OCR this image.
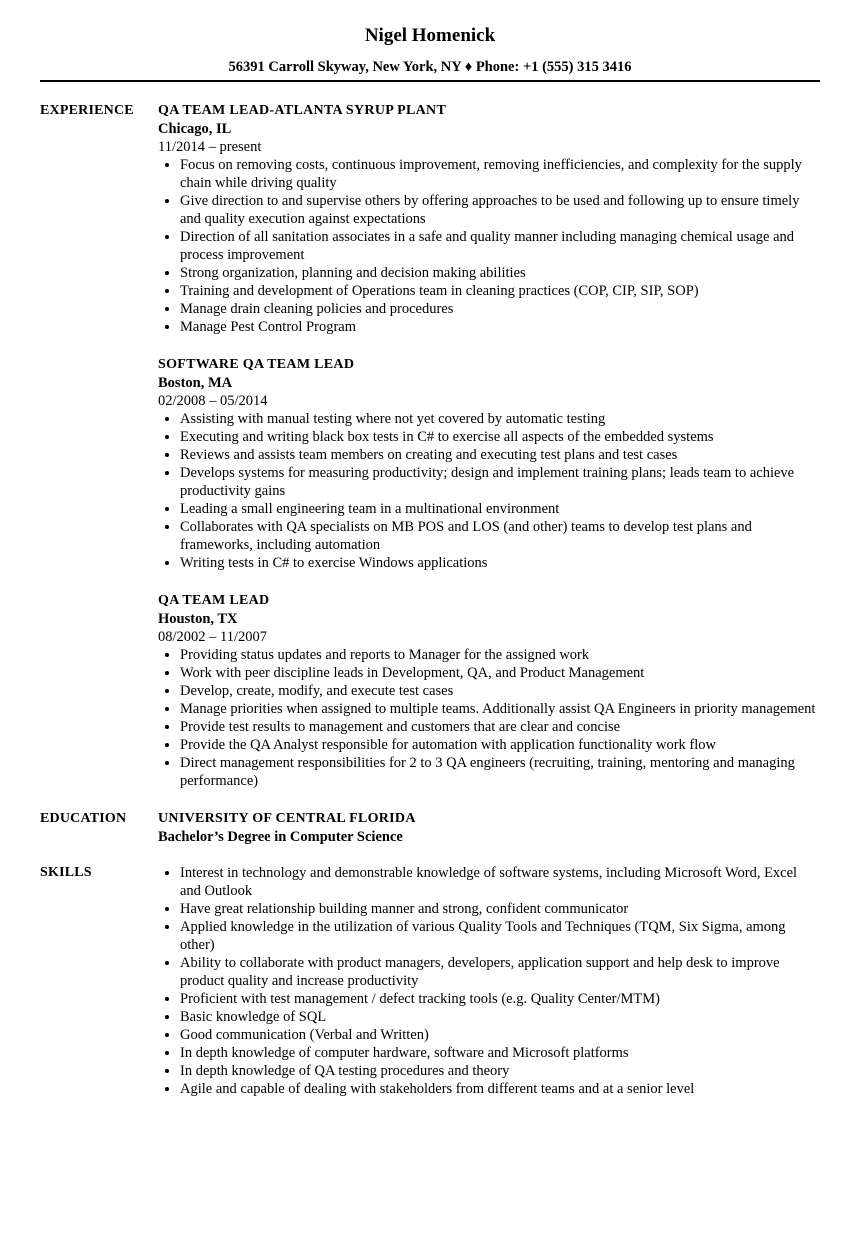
Nigel Homenick
56391 Carroll Skyway, New York, NY ♦ Phone: +1 (555) 315 3416
EXPERIENCE	QA TEAM LEAD-ATLANTA SYRUP PLANT
Chicago, IL
11/2014 – present
• Focus on removing costs, continuous improvement, removing inefficiencies, and complexity for the supply chain while driving quality
• Give direction to and supervise others by offering approaches to be used and following up to ensure timely and quality execution against expectations
• Direction of all sanitation associates in a safe and quality manner including managing chemical usage and process improvement
• Strong organization, planning and decision making abilities
• Training and development of Operations team in cleaning practices (COP, CIP, SIP, SOP)
• Manage drain cleaning policies and procedures
• Manage Pest Control Program
SOFTWARE QA TEAM LEAD
Boston, MA
02/2008 – 05/2014
• Assisting with manual testing where not yet covered by automatic testing
• Executing and writing black box tests in C# to exercise all aspects of the embedded systems
• Reviews and assists team members on creating and executing test plans and test cases
• Develops systems for measuring productivity; design and implement training plans; leads team to achieve productivity gains
• Leading a small engineering team in a multinational environment
• Collaborates with QA specialists on MB POS and LOS (and other) teams to develop test plans and frameworks, including automation
• Writing tests in C# to exercise Windows applications
QA TEAM LEAD
Houston, TX
08/2002 – 11/2007
• Providing status updates and reports to Manager for the assigned work
• Work with peer discipline leads in Development, QA, and Product Management
• Develop, create, modify, and execute test cases
• Manage priorities when assigned to multiple teams. Additionally assist QA Engineers in priority management
• Provide test results to management and customers that are clear and concise
• Provide the QA Analyst responsible for automation with application functionality work flow
• Direct management responsibilities for 2 to 3 QA engineers (recruiting, training, mentoring and managing performance)
EDUCATION	UNIVERSITY OF CENTRAL FLORIDA
Bachelor’s Degree in Computer Science
SKILLS
•	Interest in technology and demonstrable knowledge of software systems, including Microsoft Word, Excel and Outlook
• Have great relationship building manner and strong, confident communicator
• Applied knowledge in the utilization of various Quality Tools and Techniques (TQM, Six Sigma, among other)
• Ability to collaborate with product managers, developers, application support and help desk to improve product quality and increase productivity
• Proficient with test management / defect tracking tools (e.g. Quality Center/MTM)
• Basic knowledge of SQL
• Good communication (Verbal and Written)
• In depth knowledge of computer hardware, software and Microsoft platforms
• In depth knowledge of QA testing procedures and theory
• Agile and capable of dealing with stakeholders from different teams and at a senior level
